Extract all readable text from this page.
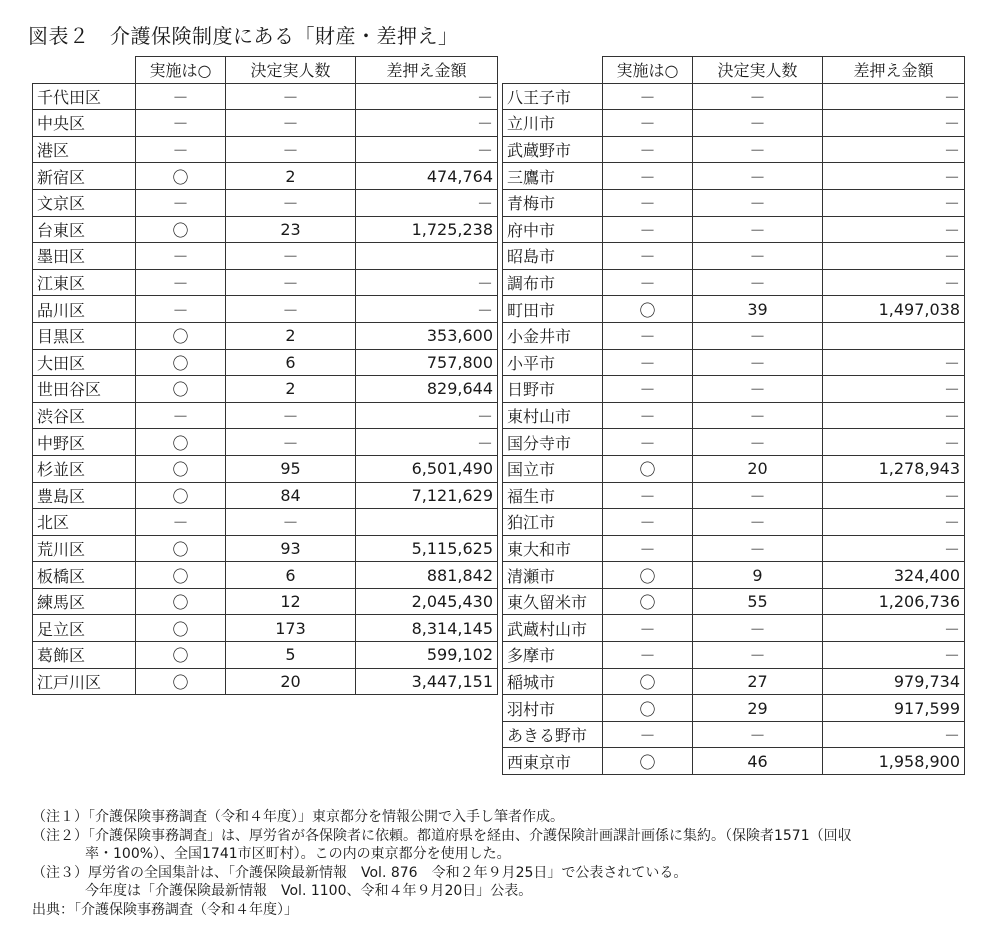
図表２　介護保険制度にある「財産・差押え」
	実施は○	決定実人数	差押え金額
千代田区	－	－	－
中央区	－	－	－
港区	－	－	－
新宿区	〇	2	474,764
文京区	－	－	－
台東区	〇	23	1,725,238
墨田区	－	－	
江東区	－	－	－
品川区	－	－	－
目黒区	〇	2	353,600
大田区	〇	6	757,800
世田谷区	〇	2	829,644
渋谷区	－	－	－
中野区	〇	－	－
杉並区	〇	95	6,501,490
豊島区	〇	84	7,121,629
北区	－	－	
荒川区	〇	93	5,115,625
板橋区	〇	6	881,842
練馬区	〇	12	2,045,430
足立区	〇	173	8,314,145
葛飾区	〇	5	599,102
江戸川区	〇	20	3,447,151
	実施は○	決定実人数	差押え金額
八王子市	－	－	－
立川市	－	－	－
武蔵野市	－	－	－
三鷹市	－	－	－
青梅市	－	－	－
府中市	－	－	－
昭島市	－	－	－
調布市	－	－	－
町田市	〇	39	1,497,038
小金井市	－	－	
小平市	－	－	－
日野市	－	－	－
東村山市	－	－	－
国分寺市	－	－	－
国立市	〇	20	1,278,943
福生市	－	－	－
狛江市	－	－	－
東大和市	－	－	－
清瀬市	〇	9	324,400
東久留米市	〇	55	1,206,736
武蔵村山市	－	－	－
多摩市	－	－	－
稲城市	〇	27	979,734
羽村市	〇	29	917,599
あきる野市	－	－	－
西東京市	〇	46	1,958,900
（注１）「介護保険事務調査（令和４年度）」東京都分を情報公開で入手し筆者作成。
（注２）「介護保険事務調査」は、厚労省が各保険者に依頼。都道府県を経由、介護保険計画課計画係に集約。（保険者1571（回収
率・100%）、全国1741市区町村）。この内の東京都分を使用した。
（注３）厚労省の全国集計は、「介護保険最新情報　Vol. 876　令和２年９月25日」で公表されている。
今年度は「介護保険最新情報　Vol. 1100、令和４年９月20日」公表。
出典：「介護保険事務調査（令和４年度）」
